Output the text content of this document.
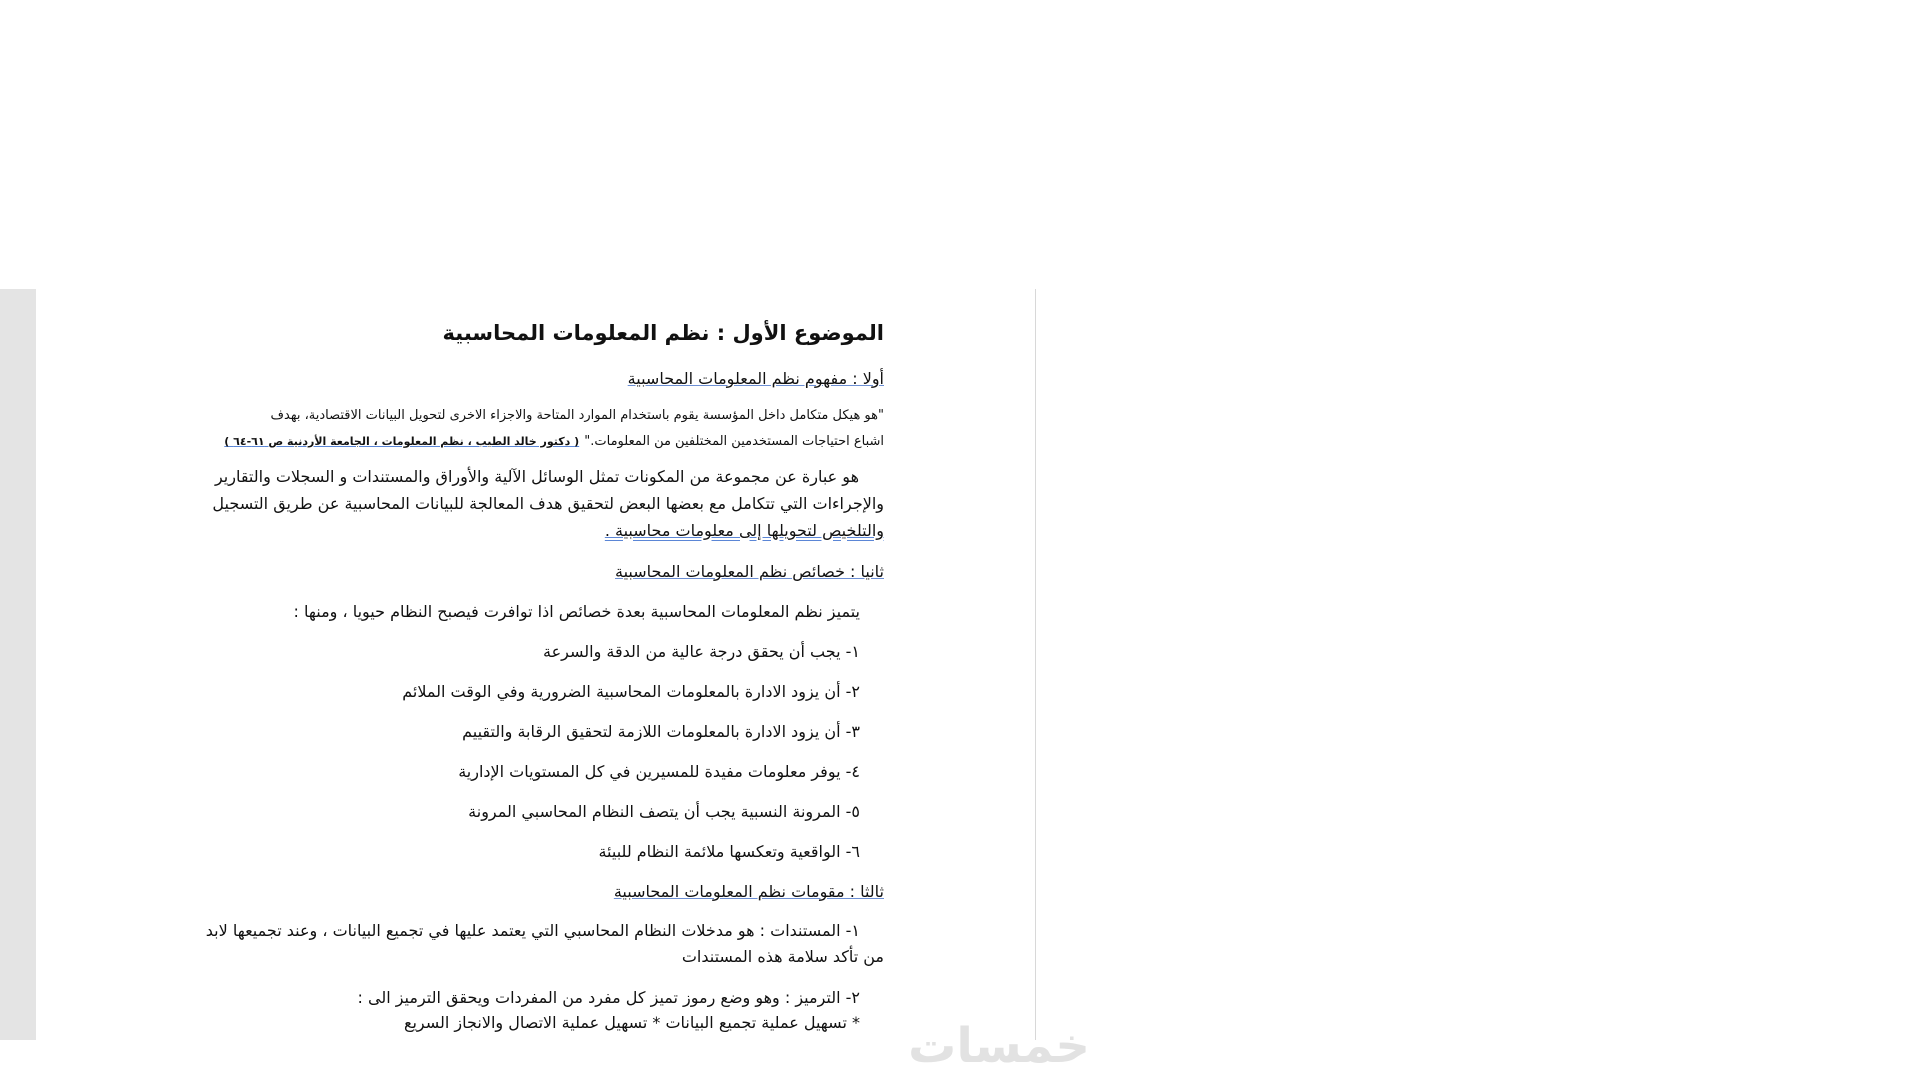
الموضوع الأول : نظم المعلومات المحاسبية
أولا : مفهوم نظم المعلومات المحاسبية
"هو هيكل متكامل داخل المؤسسة يقوم باستخدام الموارد المتاحة والاجزاء الاخرى لتحويل البيانات الاقتصادية، بهدف
اشباع احتياجات المستخدمين المختلفين من المعلومات." ( دكتور خالد الطيب ، نظم المعلومات ، الجامعة الأردنية ص ٦١-٦٤ )
هو عبارة عن مجموعة من المكونات تمثل الوسائل الآلية والأوراق والمستندات و السجلات والتقارير
والإجراءات التي تتكامل مع بعضها البعض لتحقيق هدف المعالجة للبيانات المحاسبية عن طريق التسجيل
والتلخيص لتحويلها إلى معلومات محاسبية .
ثانيا : خصائص نظم المعلومات المحاسبية
يتميز نظم المعلومات المحاسبية بعدة خصائص اذا توافرت فيصبح النظام حيويا ، ومنها :
١- يجب أن يحقق درجة عالية من الدقة والسرعة
٢- أن يزود الادارة بالمعلومات المحاسبية الضرورية وفي الوقت الملائم
٣- أن يزود الادارة بالمعلومات اللازمة لتحقيق الرقابة والتقييم
٤- يوفر معلومات مفيدة للمسيرين في كل المستويات الإدارية
٥- المرونة النسبية يجب أن يتصف النظام المحاسبي المرونة
٦- الواقعية وتعكسها ملائمة النظام للبيئة
ثالثا : مقومات نظم المعلومات المحاسبية
١- المستندات : هو مدخلات النظام المحاسبي التي يعتمد عليها في تجميع البيانات ، وعند تجميعها لابد
من تأكد سلامة هذه المستندات
٢- الترميز : وهو وضع رموز تميز كل مفرد من المفردات ويحقق الترميز الى :
* تسهيل عملية تجميع البيانات * تسهيل عملية الاتصال والانجاز السريع	خمسات
